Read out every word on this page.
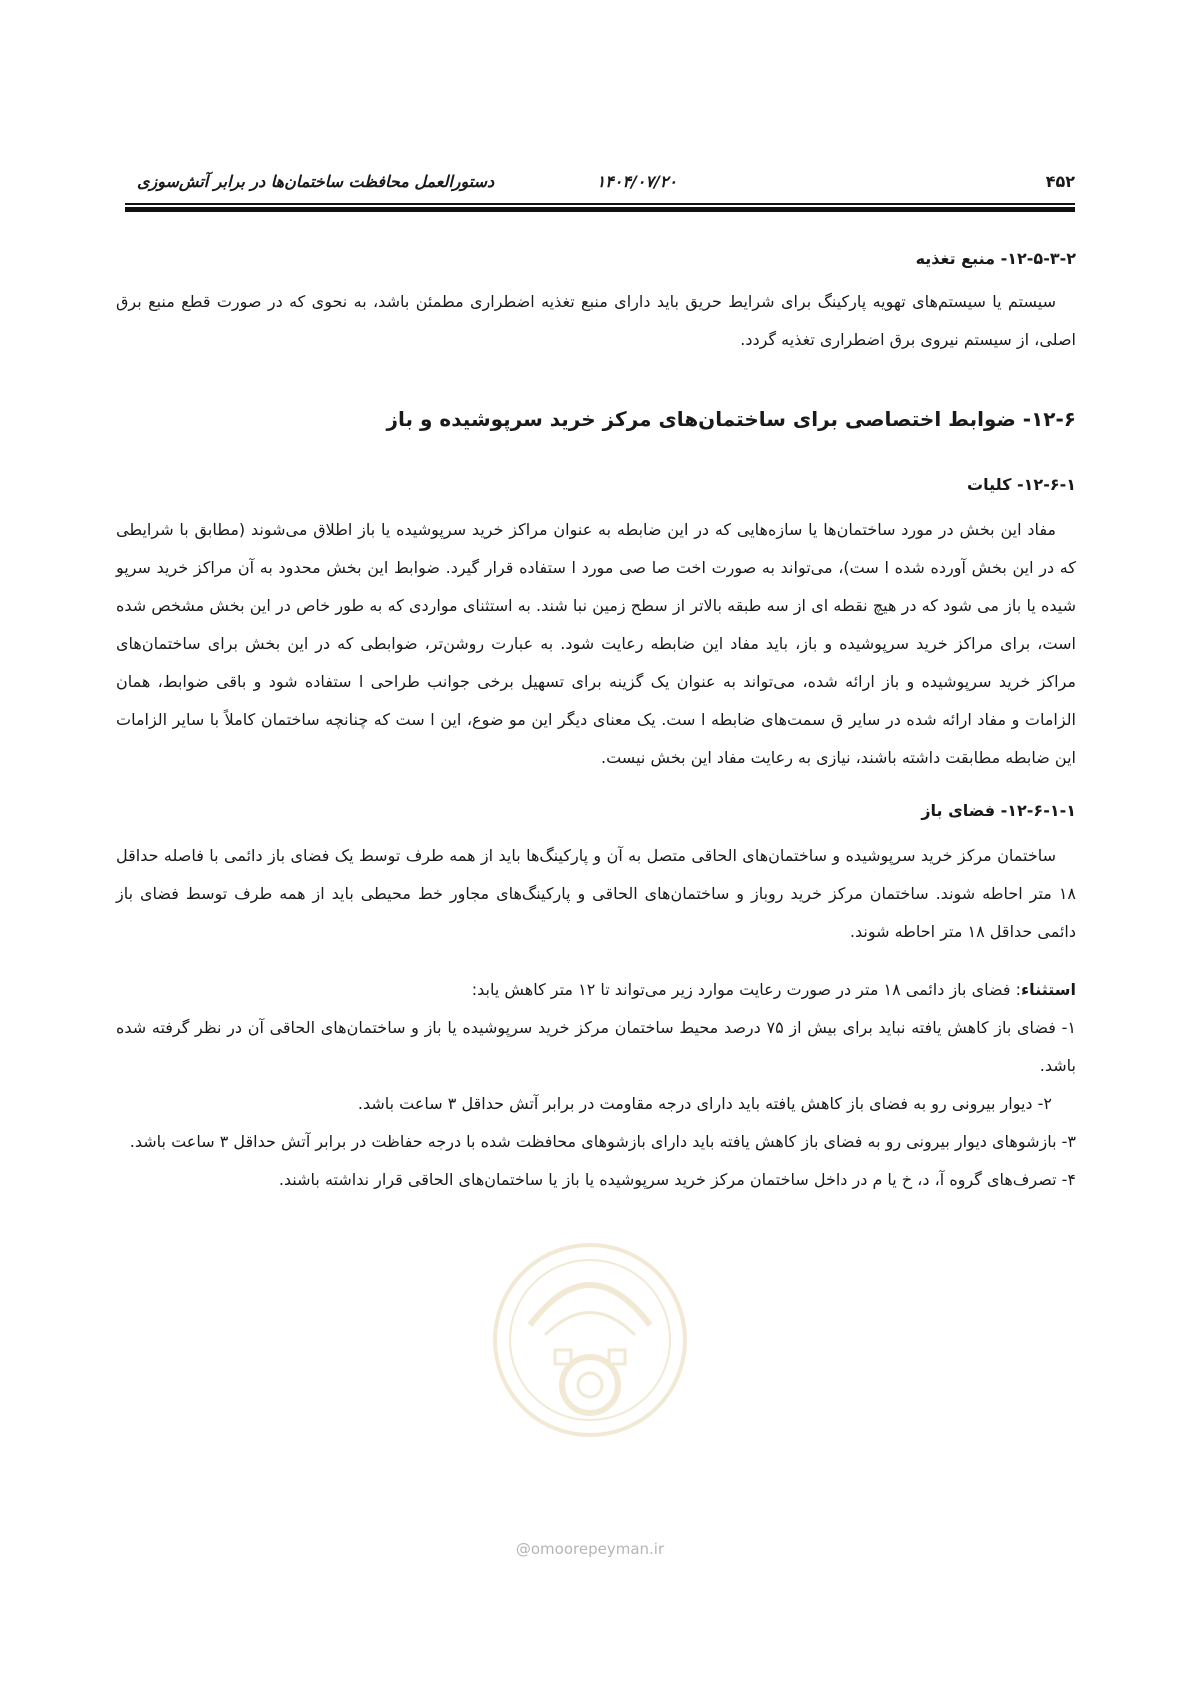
۴۵۲
۱۴۰۴/۰۷/۲۰
دستورالعمل محافظت ساختمان‌ها در برابر آتش‌سوزی
۱۲-۵-۳-۲- منبع تغذیه

سیستم یا سیستم‌های تهویه پارکینگ برای شرایط حریق باید دارای منبع تغذیه اضطراری مطمئن باشد، به نحوی که در صورت قطع منبع برق اصلی، از سیستم نیروی برق اضطراری تغذیه گردد.

۱۲-۶- ضوابط اختصاصی برای ساختمان‌های مرکز خرید سرپوشیده و باز
۱۲-۶-۱- کلیات

مفاد این بخش در مورد ساختمان‌ها یا سازه‌هایی که در این ضابطه به عنوان مراکز خرید سرپوشیده یا باز اطلاق می‌شوند (مطابق با شرایطی که در این بخش آورده شده ا ست)، می‌تواند به صورت اخت صا صی مورد ا ستفاده قرار گیرد. ضوابط این بخش محدود به آن مراکز خرید سرپو شیده یا باز می شود که در هیچ نقطه ای از سه طبقه بالاتر از سطح زمین نبا شند. به استثنای مواردی که به طور خاص در این بخش مشخص شده است، برای مراکز خرید سرپوشیده و باز، باید مفاد این ضابطه رعایت شود. به عبارت روشن‌تر، ضوابطی که در این بخش برای ساختمان‌های مراکز خرید سرپوشیده و باز ارائه شده، می‌تواند به عنوان یک گزینه برای تسهیل برخی جوانب طراحی ا ستفاده شود و باقی ضوابط، همان الزامات و مفاد ارائه شده در سایر ق سمت‌های ضابطه ا ست. یک معنای دیگر این مو ضوع، این ا ست که چنانچه ساختمان کاملاً با سایر الزامات این ضابطه مطابقت داشته باشند، نیازی به رعایت مفاد این بخش نیست.

۱۲-۶-۱-۱- فضای باز

ساختمان مرکز خرید سرپوشیده و ساختمان‌های الحاقی متصل به آن و پارکینگ‌ها باید از همه طرف توسط یک فضای باز دائمی با فاصله حداقل ۱۸ متر احاطه شوند. ساختمان مرکز خرید روباز و ساختمان‌های الحاقی و پارکینگ‌های مجاور خط محیطی باید از همه طرف توسط فضای باز دائمی حداقل ۱۸ متر احاطه شوند.

استثناء: فضای باز دائمی ۱۸ متر در صورت رعایت موارد زیر می‌تواند تا ۱۲ متر کاهش یابد:

۱- فضای باز کاهش یافته نباید برای بیش از ۷۵ درصد محیط ساختمان مرکز خرید سرپوشیده یا باز و ساختمان‌های الحاقی آن در نظر گرفته شده باشد.

۲- دیوار بیرونی رو به فضای باز کاهش یافته باید دارای درجه مقاومت در برابر آتش حداقل ۳ ساعت باشد.

۳- بازشوهای دیوار بیرونی رو به فضای باز کاهش یافته باید دارای بازشوهای محافظت شده با درجه حفاظت در برابر آتش حداقل ۳ ساعت باشد.

۴- تصرف‌های گروه آ، د، خ یا م در داخل ساختمان مرکز خرید سرپوشیده یا باز یا ساختمان‌های الحاقی قرار نداشته باشند.

@omoorepeyman.ir
